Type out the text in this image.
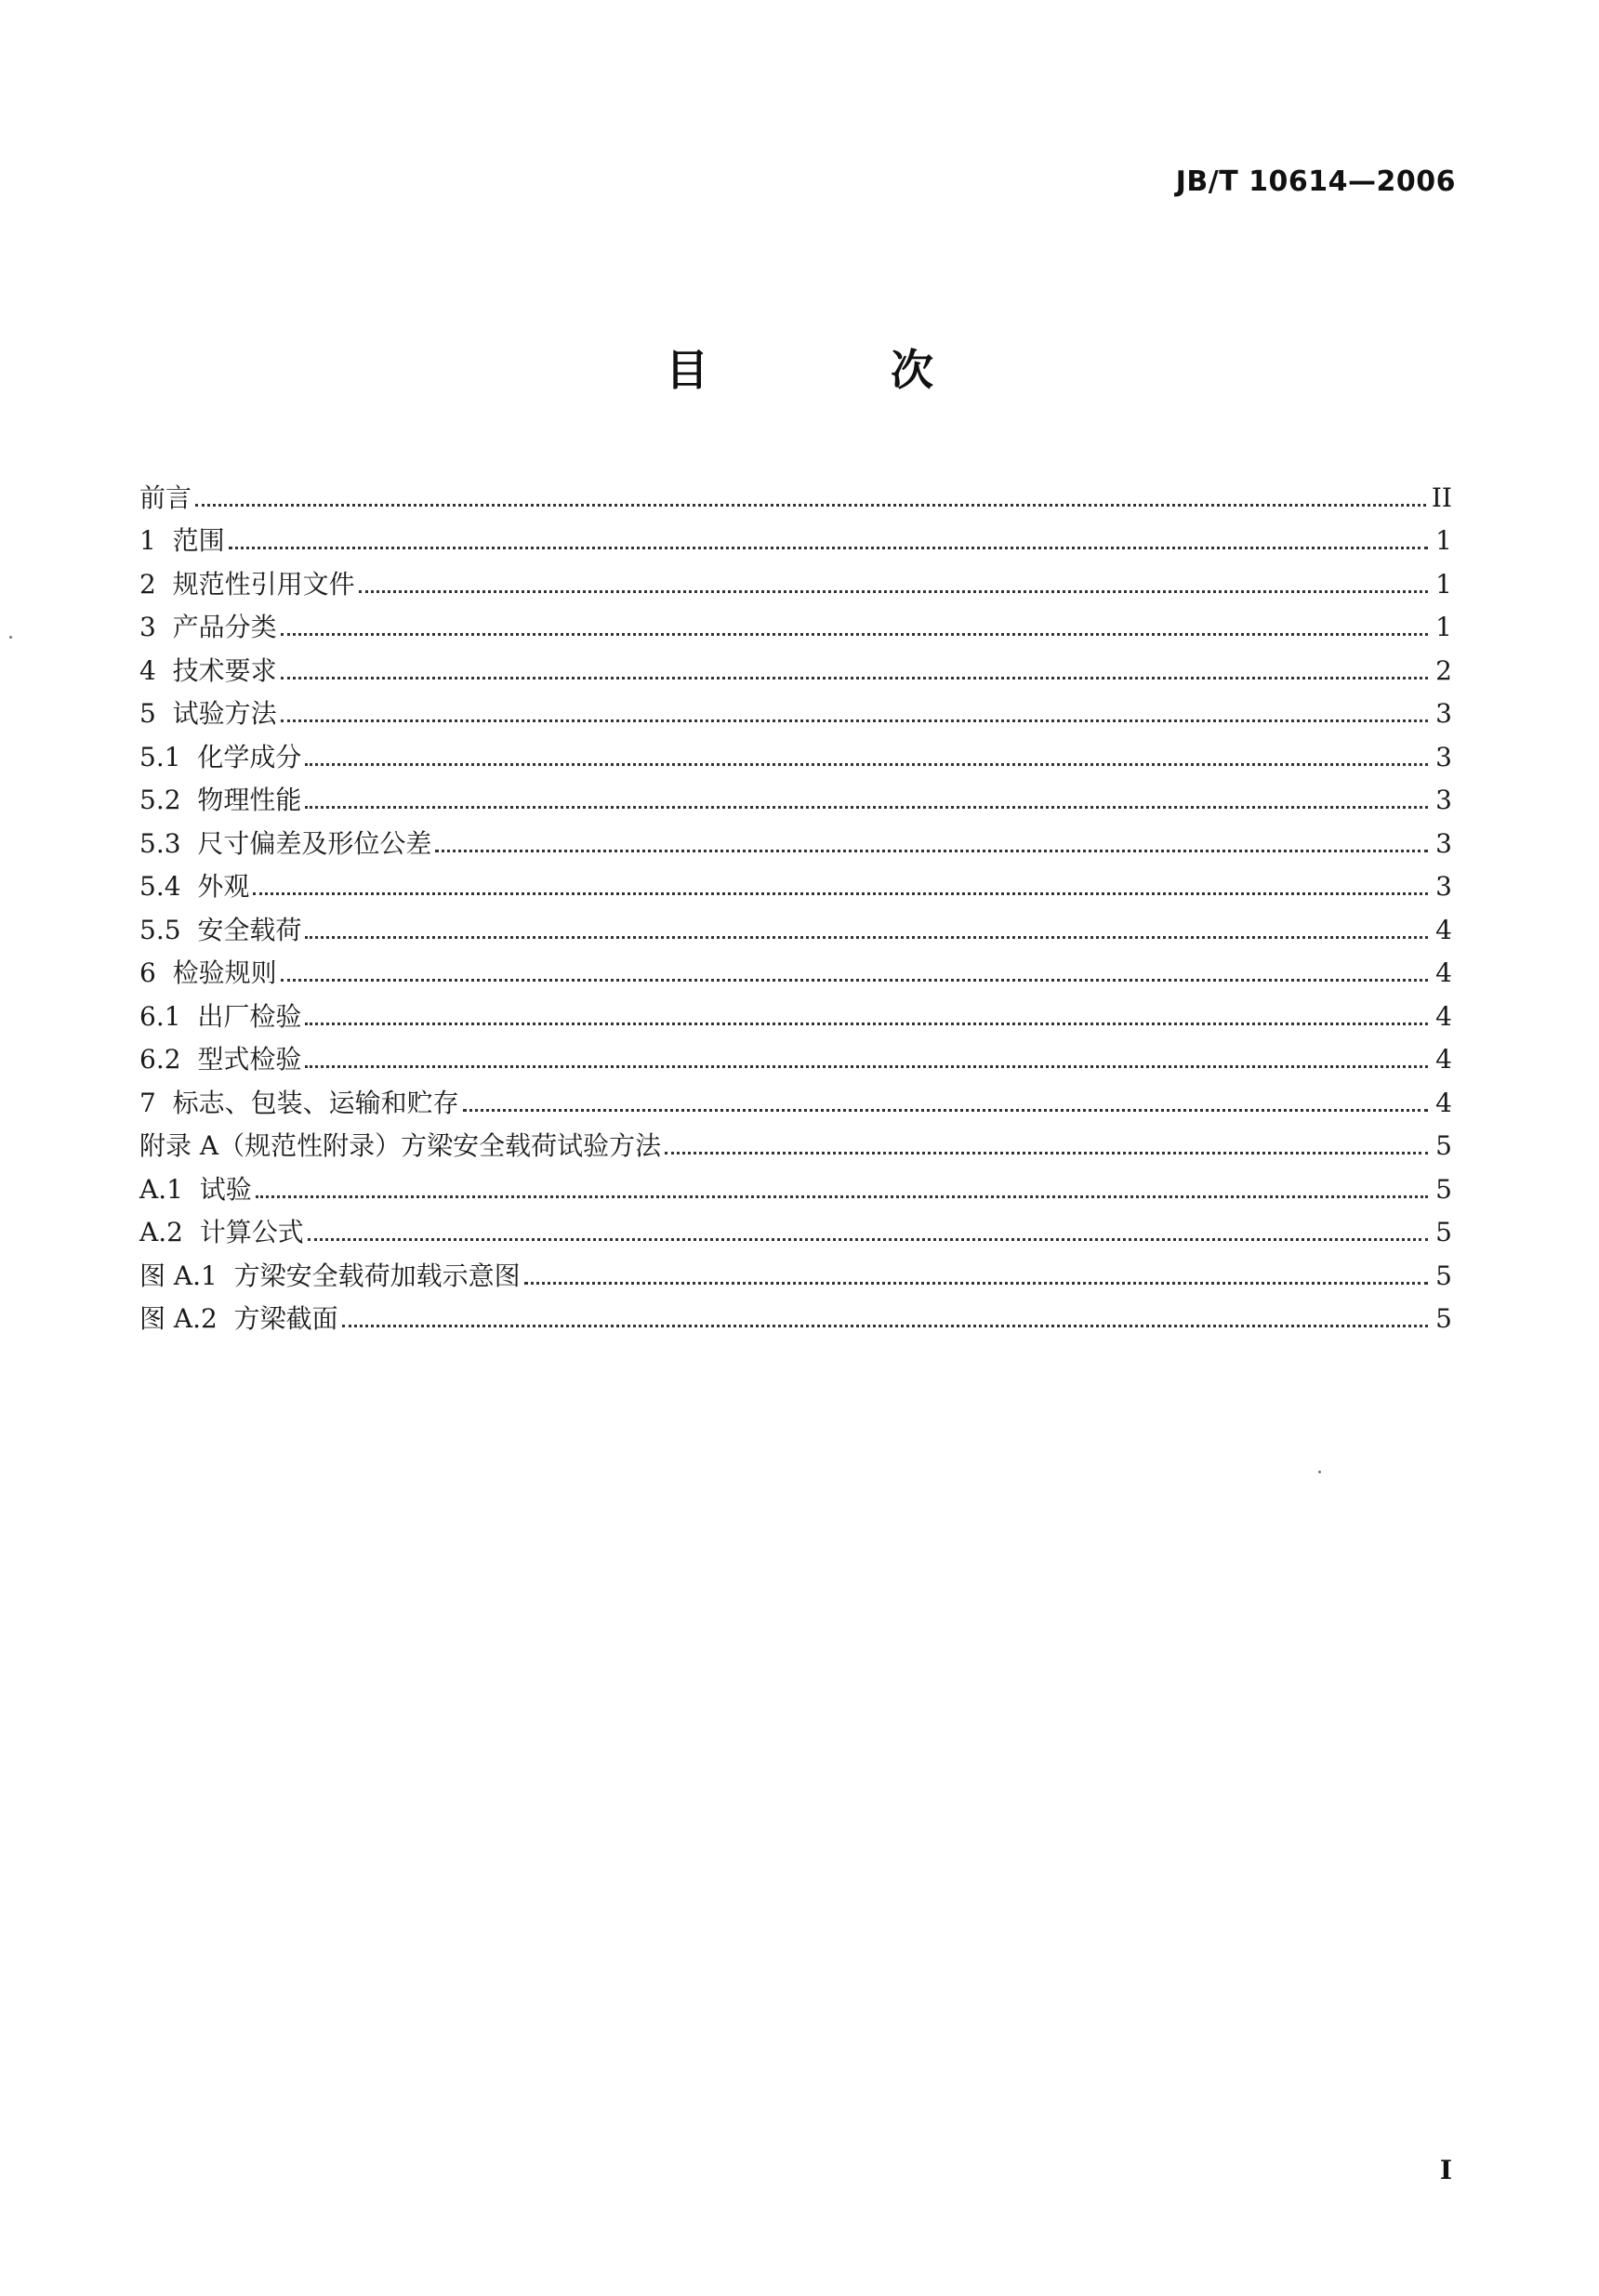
JB/T 10614—2006
目 次
前言	II
1  范围	1
2  规范性引用文件	1
3  产品分类	1
4  技术要求	2
5  试验方法	3
5.1  化学成分	3
5.2  物理性能	3
5.3  尺寸偏差及形位公差	3
5.4  外观	3
5.5  安全载荷	4
6  检验规则	4
6.1  出厂检验	4
6.2  型式检验	4
7  标志、包装、运输和贮存	4
附录 A（规范性附录）方梁安全载荷试验方法	5
A.1  试验	5
A.2  计算公式	5
图 A.1  方梁安全载荷加载示意图	5
图 A.2  方梁截面	5
I
